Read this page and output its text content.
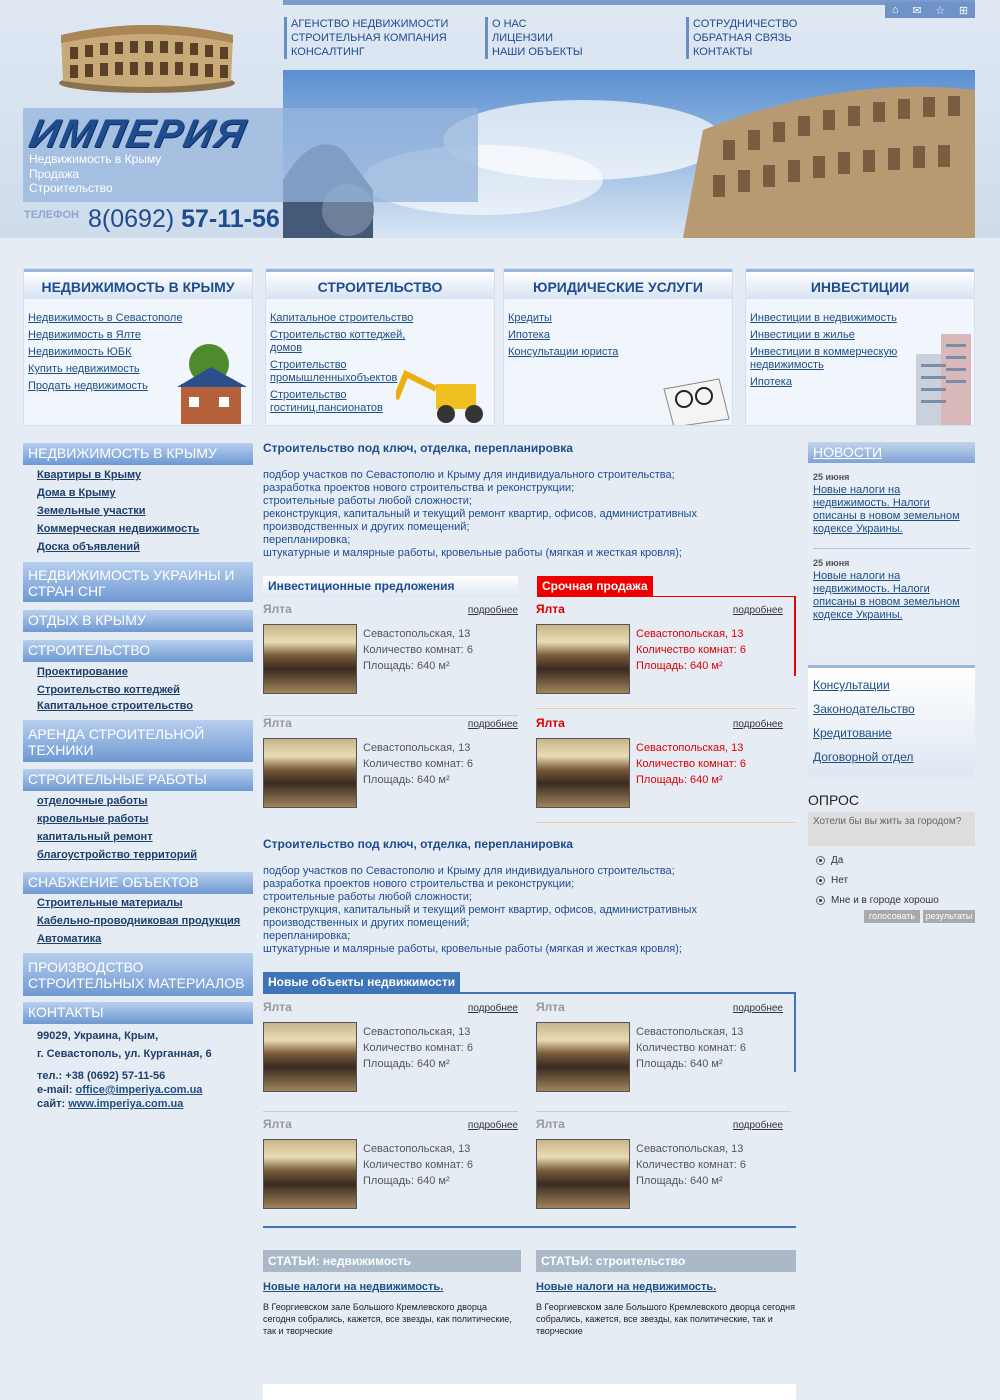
ИМПЕРИЯ
Недвижимость в Крыму
Продажа
Строительство
ТЕЛЕФОН 8(0692) 57-11-56
АГЕНСТВО НЕДВИЖИМОСТИ
СТРОИТЕЛЬНАЯ КОМПАНИЯ
КОНСАЛТИНГ
О НАС
ЛИЦЕНЗИИ
НАШИ ОБЪЕКТЫ
СОТРУДНИЧЕСТВО
ОБРАТНАЯ СВЯЗЬ
КОНТАКТЫ
⌂ ✉ ☆ ⊞
НЕДВИЖИМОСТЬ В КРЫМУ
Недвижимость в Севастополе
Недвижимость в Ялте
Недвижимость ЮБК
Купить недвижимость
Продать недвижимость
СТРОИТЕЛЬСТВО
Капитальное строительство
Строительство коттеджей, домов
Строительство промышленныхобъектов
Строительство гостиниц,пансионатов
ЮРИДИЧЕСКИЕ УСЛУГИ
Кредиты
Ипотека
Консультации юриста
ИНВЕСТИЦИИ
Инвестиции в недвижимость
Инвестиции в жилье
Инвестиции в коммерческую недвижимость
Ипотека
НЕДВИЖИМОСТЬ В КРЫМУ
Квартиры в Крыму
Дома в Крыму
Земельные участки
Коммерческая недвижимость
Доска объявлений
НЕДВИЖИМОСТЬ УКРАИНЫ И СТРАН СНГ
ОТДЫХ В КРЫМУ
СТРОИТЕЛЬСТВО
Проектирование
Строительство коттеджей
Капитальное строительство
АРЕНДА СТРОИТЕЛЬНОЙ ТЕХНИКИ
СТРОИТЕЛЬНЫЕ РАБОТЫ
отделочные работы
кровельные работы
капитальный ремонт
благоустройство территорий
СНАБЖЕНИЕ ОБЪЕКТОВ
Строительные материалы
Кабельно-проводниковая продукция
Автоматика
ПРОИЗВОДСТВО СТРОИТЕЛЬНЫХ МАТЕРИАЛОВ
КОНТАКТЫ
99029, Украина, Крым,
г. Севастополь, ул. Курганная, 6
тел.: +38 (0692) 57-11-56
e-mail: office@imperiya.com.ua
сайт: www.imperiya.com.ua
Строительство под ключ, отделка, перепланировка
подбор участков по Севастополю и Крыму для индивидуального строительства;
разработка проектов нового строительства и реконструкции;
строительные работы любой сложности;
реконструкция, капитальный и текущий ремонт квартир, офисов, административных
производственных и других помещений;
перепланировка;
штукатурные и малярные работы, кровельные работы (мягкая и жесткая кровля);
Инвестиционные предложения	Срочная продажа
Ялта	подробнее
Севастопольская, 13
Количество комнат: 6
Площадь: 640 м²
Ялта	подробнее
Севастопольская, 13
Количество комнат: 6
Площадь: 640 м²
Ялта	подробнее
Севастопольская, 13
Количество комнат: 6
Площадь: 640 м²
Ялта	подробнее
Севастопольская, 13
Количество комнат: 6
Площадь: 640 м²
Строительство под ключ, отделка, перепланировка
подбор участков по Севастополю и Крыму для индивидуального строительства;
разработка проектов нового строительства и реконструкции;
строительные работы любой сложности;
реконструкция, капитальный и текущий ремонт квартир, офисов, административных
производственных и других помещений;
перепланировка;
штукатурные и малярные работы, кровельные работы (мягкая и жесткая кровля);
Новые объекты недвижимости
Ялта	подробнее
Севастопольская, 13
Количество комнат: 6
Площадь: 640 м²
Ялта	подробнее
Севастопольская, 13
Количество комнат: 6
Площадь: 640 м²
Ялта	подробнее
Севастопольская, 13
Количество комнат: 6
Площадь: 640 м²
Ялта	подробнее
Севастопольская, 13
Количество комнат: 6
Площадь: 640 м²
СТАТЬИ: недвижимость
Новые налоги на недвижимость.
В Георгиевском зале Большого Кремлевского дворца сегодня собрались, кажется, все звезды, как политические, так и творческие
СТАТЬИ: строительство
Новые налоги на недвижимость.
В Георгиевском зале Большого Кремлевского дворца сегодня собрались, кажется, все звезды, как политические, так и творческие
НОВОСТИ
25 июня
Новые налоги на недвижимость. Налоги описаны в новом земельном кодексе Украины.
25 июня
Новые налоги на недвижимость. Налоги описаны в новом земельном кодексе Украины.
Консультации
Законодательство
Кредитование
Договорной отдел
ОПРОС
Хотели бы вы жить за городом?
Да
Нет
Мне и в городе хорошо
голосовать	результаты
